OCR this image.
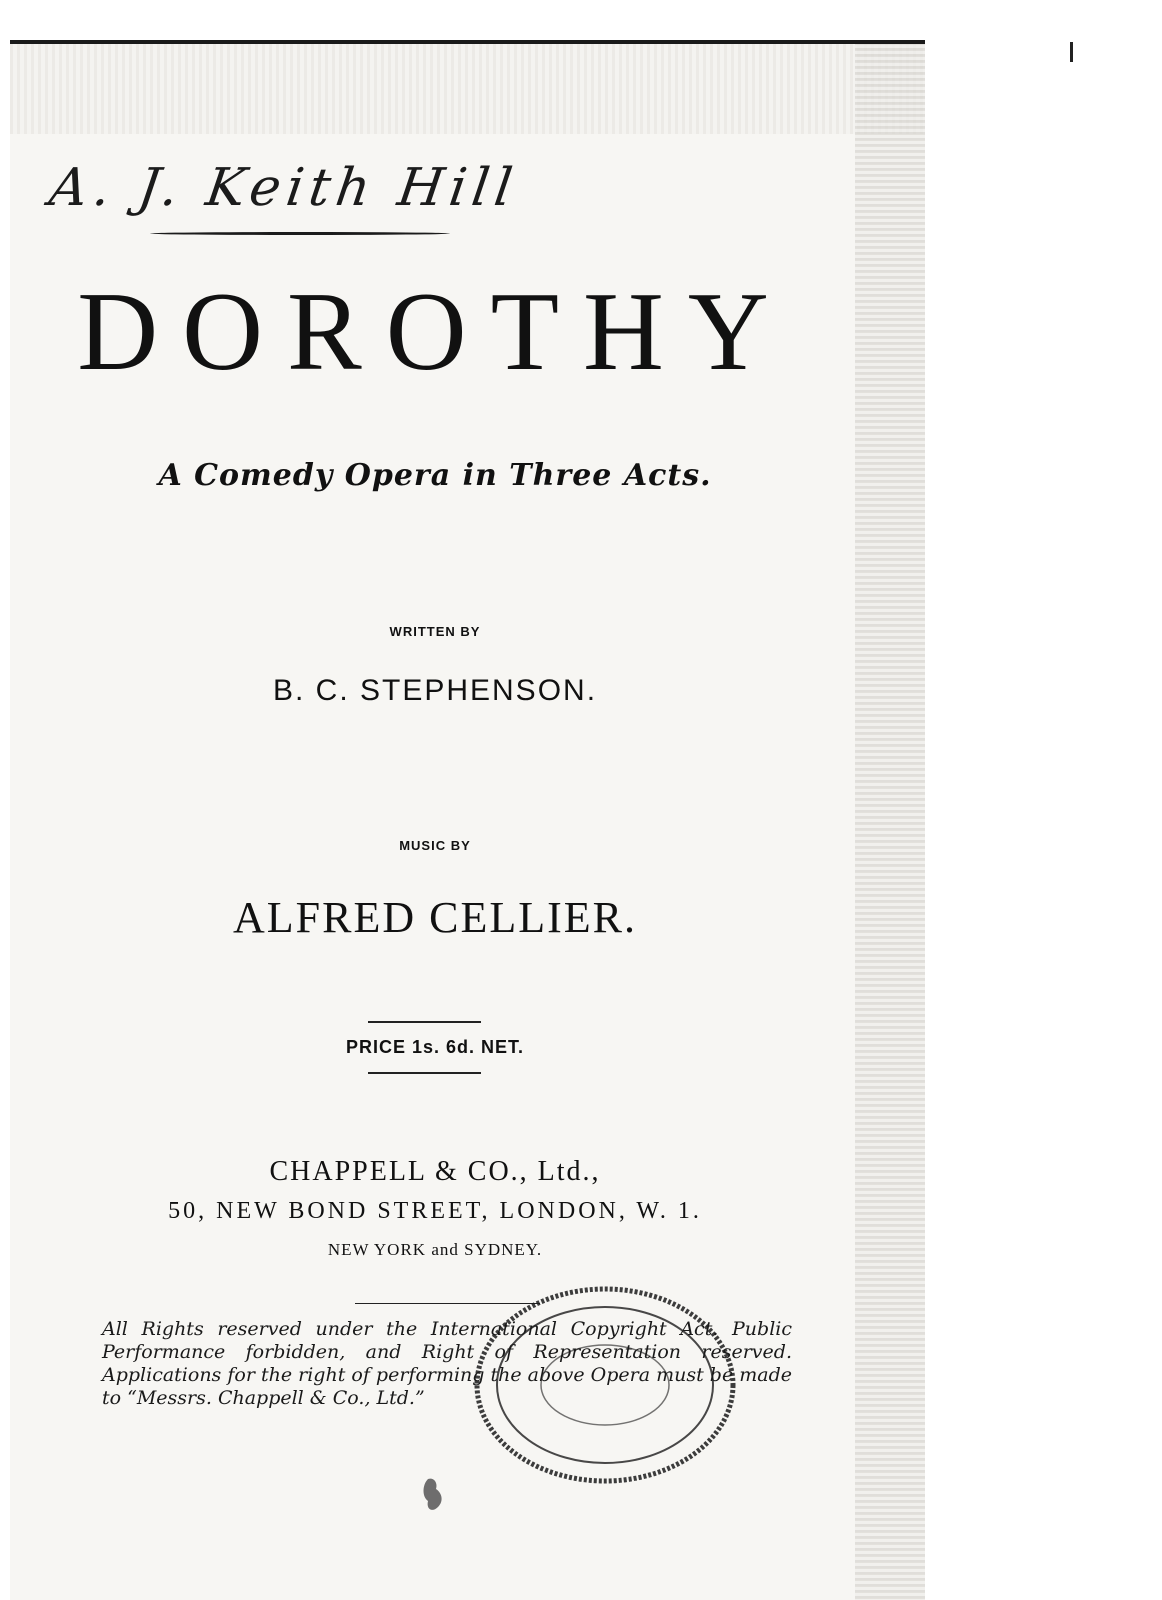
A. J. Keith Hill
DOROTHY
A Comedy Opera in Three Acts.
WRITTEN BY
B. C. STEPHENSON.
MUSIC BY
ALFRED CELLIER.
PRICE 1s. 6d. NET.
CHAPPELL & CO., Ltd.,
50, NEW BOND STREET, LONDON, W. 1.
NEW YORK and SYDNEY.
All Rights reserved under the International Copyright Act. Public Performance forbidden, and Right of Representation reserved. Applications for the right of performing the above Opera must be made to “Messrs. Chappell & Co., Ltd.”
